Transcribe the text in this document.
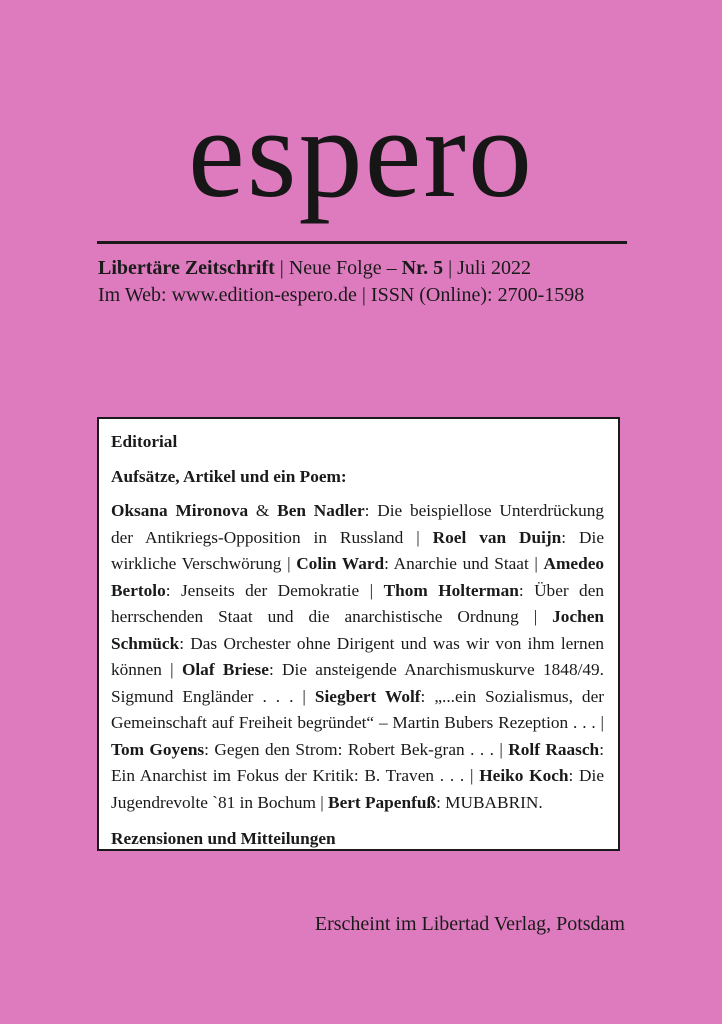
espero
Libertäre Zeitschrift | Neue Folge – Nr. 5 | Juli 2022
Im Web: www.edition-espero.de | ISSN (Online): 2700-1598
Editorial
Aufsätze, Artikel und ein Poem:
Oksana Mironova & Ben Nadler: Die beispiellose Unterdrückung der Antikriegs-Opposition in Russland | Roel van Duijn: Die wirkliche Verschwörung | Colin Ward: Anarchie und Staat | Amedeo Bertolo: Jenseits der Demokratie | Thom Holterman: Über den herrschenden Staat und die anarchistische Ordnung | Jochen Schmück: Das Orchester ohne Dirigent und was wir von ihm lernen können | Olaf Briese: Die ansteigende Anarchismuskurve 1848/49. Sigmund Engländer . . . | Siegbert Wolf: „...ein Sozialismus, der Gemeinschaft auf Freiheit begründet“ – Martin Bubers Rezeption . . . | Tom Goyens: Gegen den Strom: Robert Bek-gran . . . | Rolf Raasch: Ein Anarchist im Fokus der Kritik: B. Traven . . . | Heiko Koch: Die Jugendrevolte `81 in Bochum | Bert Papenfuß: MUBABRIN.
Rezensionen und Mitteilungen
Erscheint im Libertad Verlag, Potsdam
